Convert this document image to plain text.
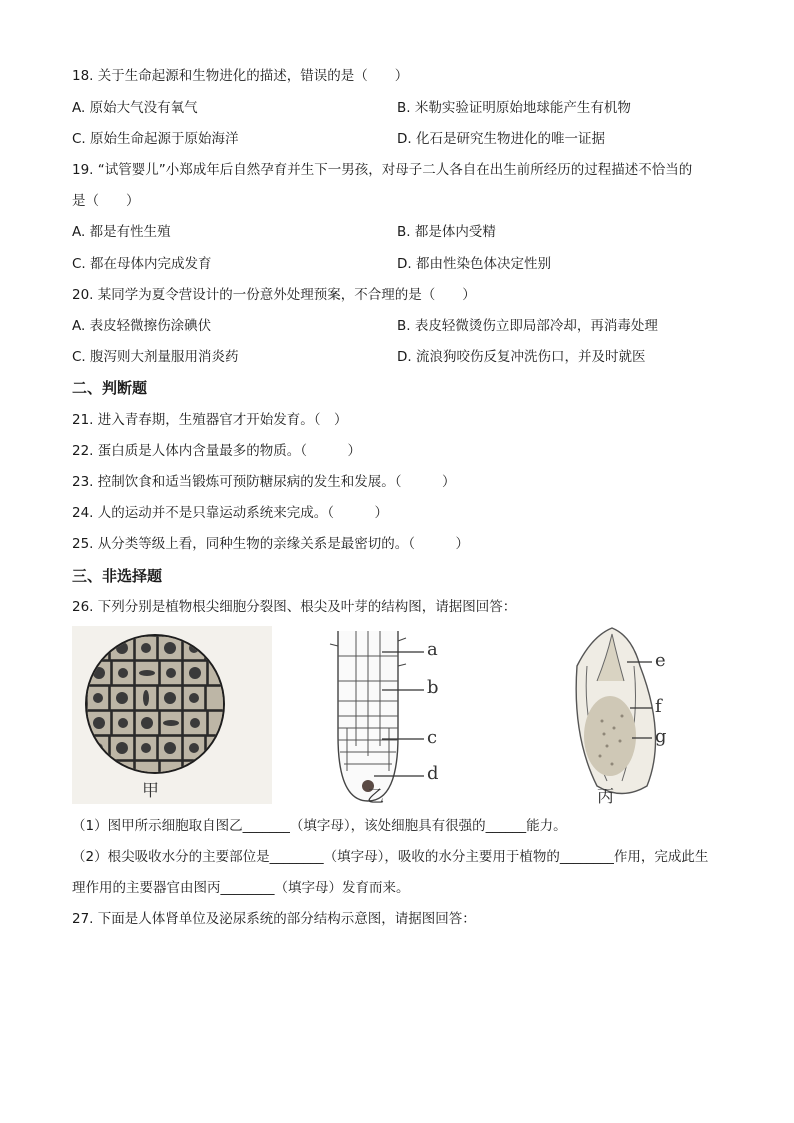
18. 关于生命起源和生物进化的描述，错误的是（　　）
A. 原始大气没有氧气	B. 米勒实验证明原始地球能产生有机物
C. 原始生命起源于原始海洋	D. 化石是研究生物进化的唯一证据
19. “试管婴儿”小郑成年后自然孕育并生下一男孩，对母子二人各自在出生前所经历的过程描述不恰当的
是（　　）
A. 都是有性生殖	B. 都是体内受精
C. 都在母体内完成发育	D. 都由性染色体决定性别
20. 某同学为夏令营设计的一份意外处理预案，不合理的是（　　）
A. 表皮轻微擦伤涂碘伏	B. 表皮轻微烫伤立即局部冷却，再消毒处理
C. 腹泻则大剂量服用消炎药	D. 流浪狗咬伤反复冲洗伤口，并及时就医
二、判断题
21. 进入青春期，生殖器官才开始发育。（　）
22. 蛋白质是人体内含量最多的物质。（　　　）
23. 控制饮食和适当锻炼可预防糖尿病的发生和发展。（　　　）
24. 人的运动并不是只靠运动系统来完成。（　　　）
25. 从分类等级上看，同种生物的亲缘关系是最密切的。（　　　）
三、非选择题
26. 下列分别是植物根尖细胞分裂图、根尖及叶芽的结构图，请据图回答：
甲
a
b
c
d
乙
e
f
g
丙
（1）图甲所示细胞取自图乙_______（填字母），该处细胞具有很强的______能力。
（2）根尖吸收水分的主要部位是________（填字母），吸收的水分主要用于植物的________作用，完成此生
理作用的主要器官由图丙________（填字母）发育而来。
27. 下面是人体肾单位及泌尿系统的部分结构示意图，请据图回答：
